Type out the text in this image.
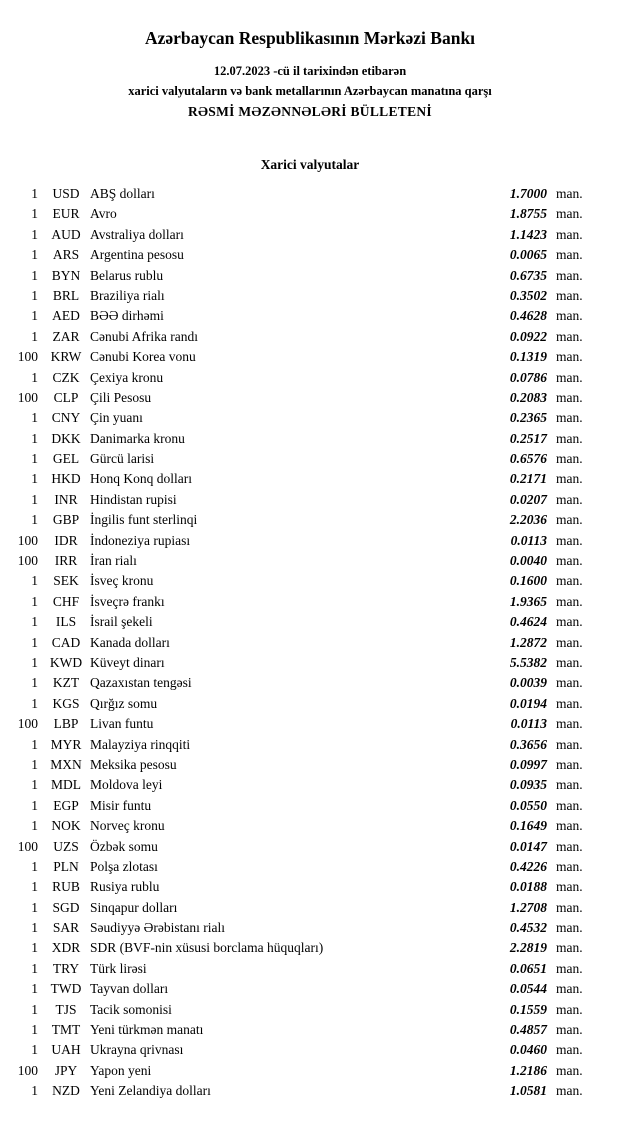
Azərbaycan Respublikasının Mərkəzi Bankı
12.07.2023 -cü il tarixindən etibarən
xarici valyutaların və bank metallarının Azərbaycan manatına qarşı
RƏSMİ MƏZƏNNƏLƏRİ BÜLLETENİ
Xarici valyutalar
1	USD ABŞ dolları	1.7000 man.
1	EUR Avro	1.8755 man.
1 AUD Avstraliya dolları	1.1423 man.
1	ARS Argentina pesosu	0.0065 man.
1	BYN Belarus rublu	0.6735 man.
1	BRL Braziliya rialı	0.3502 man.
1	AED BƏƏ dirhəmi	0.4628 man.
1	ZAR Cənubi Afrika randı	0.0922 man.
100 KRW Cənubi Korea vonu	0.1319 man.
1	CZK Çexiya kronu	0.0786 man.
100	CLP Çili Pesosu	0.2083 man.
1	CNY Çin yuanı	0.2365 man.
1 DKK Danimarka kronu	0.2517 man.
1	GEL Gürcü larisi	0.6576 man.
1 HKD Honq Konq dolları	0.2171 man.
1	INR Hindistan rupisi	0.0207 man.
1	GBP İngilis funt sterlinqi	2.2036 man.
100	IDR İndoneziya rupiası	0.0113 man.
100	IRR İran rialı	0.0040 man.
1	SEK İsveç kronu	0.1600 man.
1	CHF İsveçrə frankı	1.9365 man.
1	ILS	İsrail şekeli	0.4624 man.
1	CAD Kanada dolları	1.2872 man.
1 KWD Küveyt dinarı	5.5382 man.
1	KZT Qazaxıstan tengəsi	0.0039 man.
1	KGS Qırğız somu	0.0194 man.
100	LBP Livan funtu	0.0113 man.
1 MYR Malayziya rinqqiti	0.3656 man.
1 MXN Meksika pesosu	0.0997 man.
1 MDL Moldova leyi	0.0935 man.
1	EGP Misir funtu	0.0550 man.
1 NOK Norveç kronu	0.1649 man.
100	UZS Özbək somu	0.0147 man.
1	PLN Polşa zlotası	0.4226 man.
1	RUB Rusiya rublu	0.0188 man.
1	SGD Sinqapur dolları	1.2708 man.
1	SAR Səudiyyə Ərəbistanı rialı	0.4532 man.
1	XDR SDR (BVF-nin xüsusi borclama hüquqları)	2.2819 man.
1	TRY Türk lirəsi	0.0651 man.
1 TWD Tayvan dolları	0.0544 man.
1	TJS	Tacik somonisi	0.1559 man.
1	TMT Yeni türkmən manatı	0.4857 man.
1 UAH Ukrayna qrivnası	0.0460 man.
100	JPY Yapon yeni	1.2186 man.
1	NZD Yeni Zelandiya dolları	1.0581 man.
